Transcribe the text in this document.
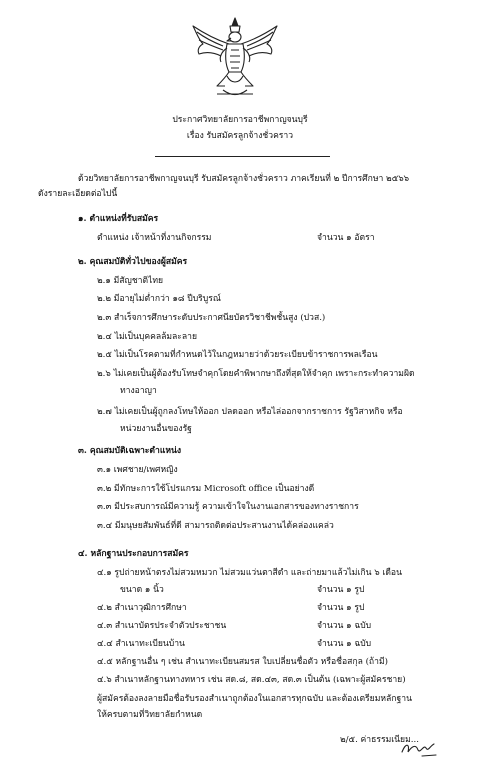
ประกาศวิทยาลัยการอาชีพกาญจนบุรี
เรื่อง รับสมัครลูกจ้างชั่วคราว
ด้วยวิทยาลัยการอาชีพกาญจนบุรี รับสมัครลูกจ้างชั่วคราว ภาคเรียนที่ ๒ ปีการศึกษา ๒๕๖๖
ดังรายละเอียดต่อไปนี้
๑. ตำแหน่งที่รับสมัคร
ตำแหน่ง เจ้าหน้าที่งานกิจกรรม	จำนวน ๑ อัตรา
๒. คุณสมบัติทั่วไปของผู้สมัคร
๒.๑ มีสัญชาติไทย
๒.๒ มีอายุไม่ต่ำกว่า ๑๘ ปีบริบูรณ์
๒.๓ สำเร็จการศึกษาระดับประกาศนียบัตรวิชาชีพชั้นสูง (ปวส.)
๒.๔ ไม่เป็นบุคคลล้มละลาย
๒.๕ ไม่เป็นโรคตามที่กำหนดไว้ในกฎหมายว่าด้วยระเบียบข้าราชการพลเรือน
๒.๖ ไม่เคยเป็นผู้ต้องรับโทษจำคุกโดยคำพิพากษาถึงที่สุดให้จำคุก เพราะกระทำความผิด
ทางอาญา
๒.๗ ไม่เคยเป็นผู้ถูกลงโทษให้ออก ปลดออก หรือไล่ออกจากราชการ รัฐวิสาหกิจ หรือ
หน่วยงานอื่นของรัฐ
๓. คุณสมบัติเฉพาะตำแหน่ง
๓.๑ เพศชาย/เพศหญิง
๓.๒ มีทักษะการใช้โปรแกรม Microsoft office เป็นอย่างดี
๓.๓ มีประสบการณ์มีความรู้ ความเข้าใจในงานเอกสารของทางราชการ
๓.๔ มีมนุษยสัมพันธ์ที่ดี สามารถติดต่อประสานงานได้คล่องแคล่ว
๔. หลักฐานประกอบการสมัคร
๔.๑ รูปถ่ายหน้าตรงไม่สวมหมวก ไม่สวมแว่นตาสีดำ และถ่ายมาแล้วไม่เกิน ๖ เดือน
ขนาด ๑ นิ้ว	จำนวน ๑ รูป
๔.๒ สำเนาวุฒิการศึกษา	จำนวน ๑ รูป
๔.๓ สำเนาบัตรประจำตัวประชาชน	จำนวน ๑ ฉบับ
๔.๔ สำเนาทะเบียนบ้าน	จำนวน ๑ ฉบับ
๔.๕ หลักฐานอื่น ๆ เช่น สำเนาทะเบียนสมรส ใบเปลี่ยนชื่อตัว หรือชื่อสกุล (ถ้ามี)
๔.๖ สำเนาหลักฐานทางทหาร เช่น สด.๘, สด.๔๓, สด.๓ เป็นต้น (เฉพาะผู้สมัครชาย)
ผู้สมัครต้องลงลายมือชื่อรับรองสำเนาถูกต้องในเอกสารทุกฉบับ และต้องเตรียมหลักฐาน
ให้ครบตามที่วิทยาลัยกำหนด
๒/๕. ค่าธรรมเนียม...
